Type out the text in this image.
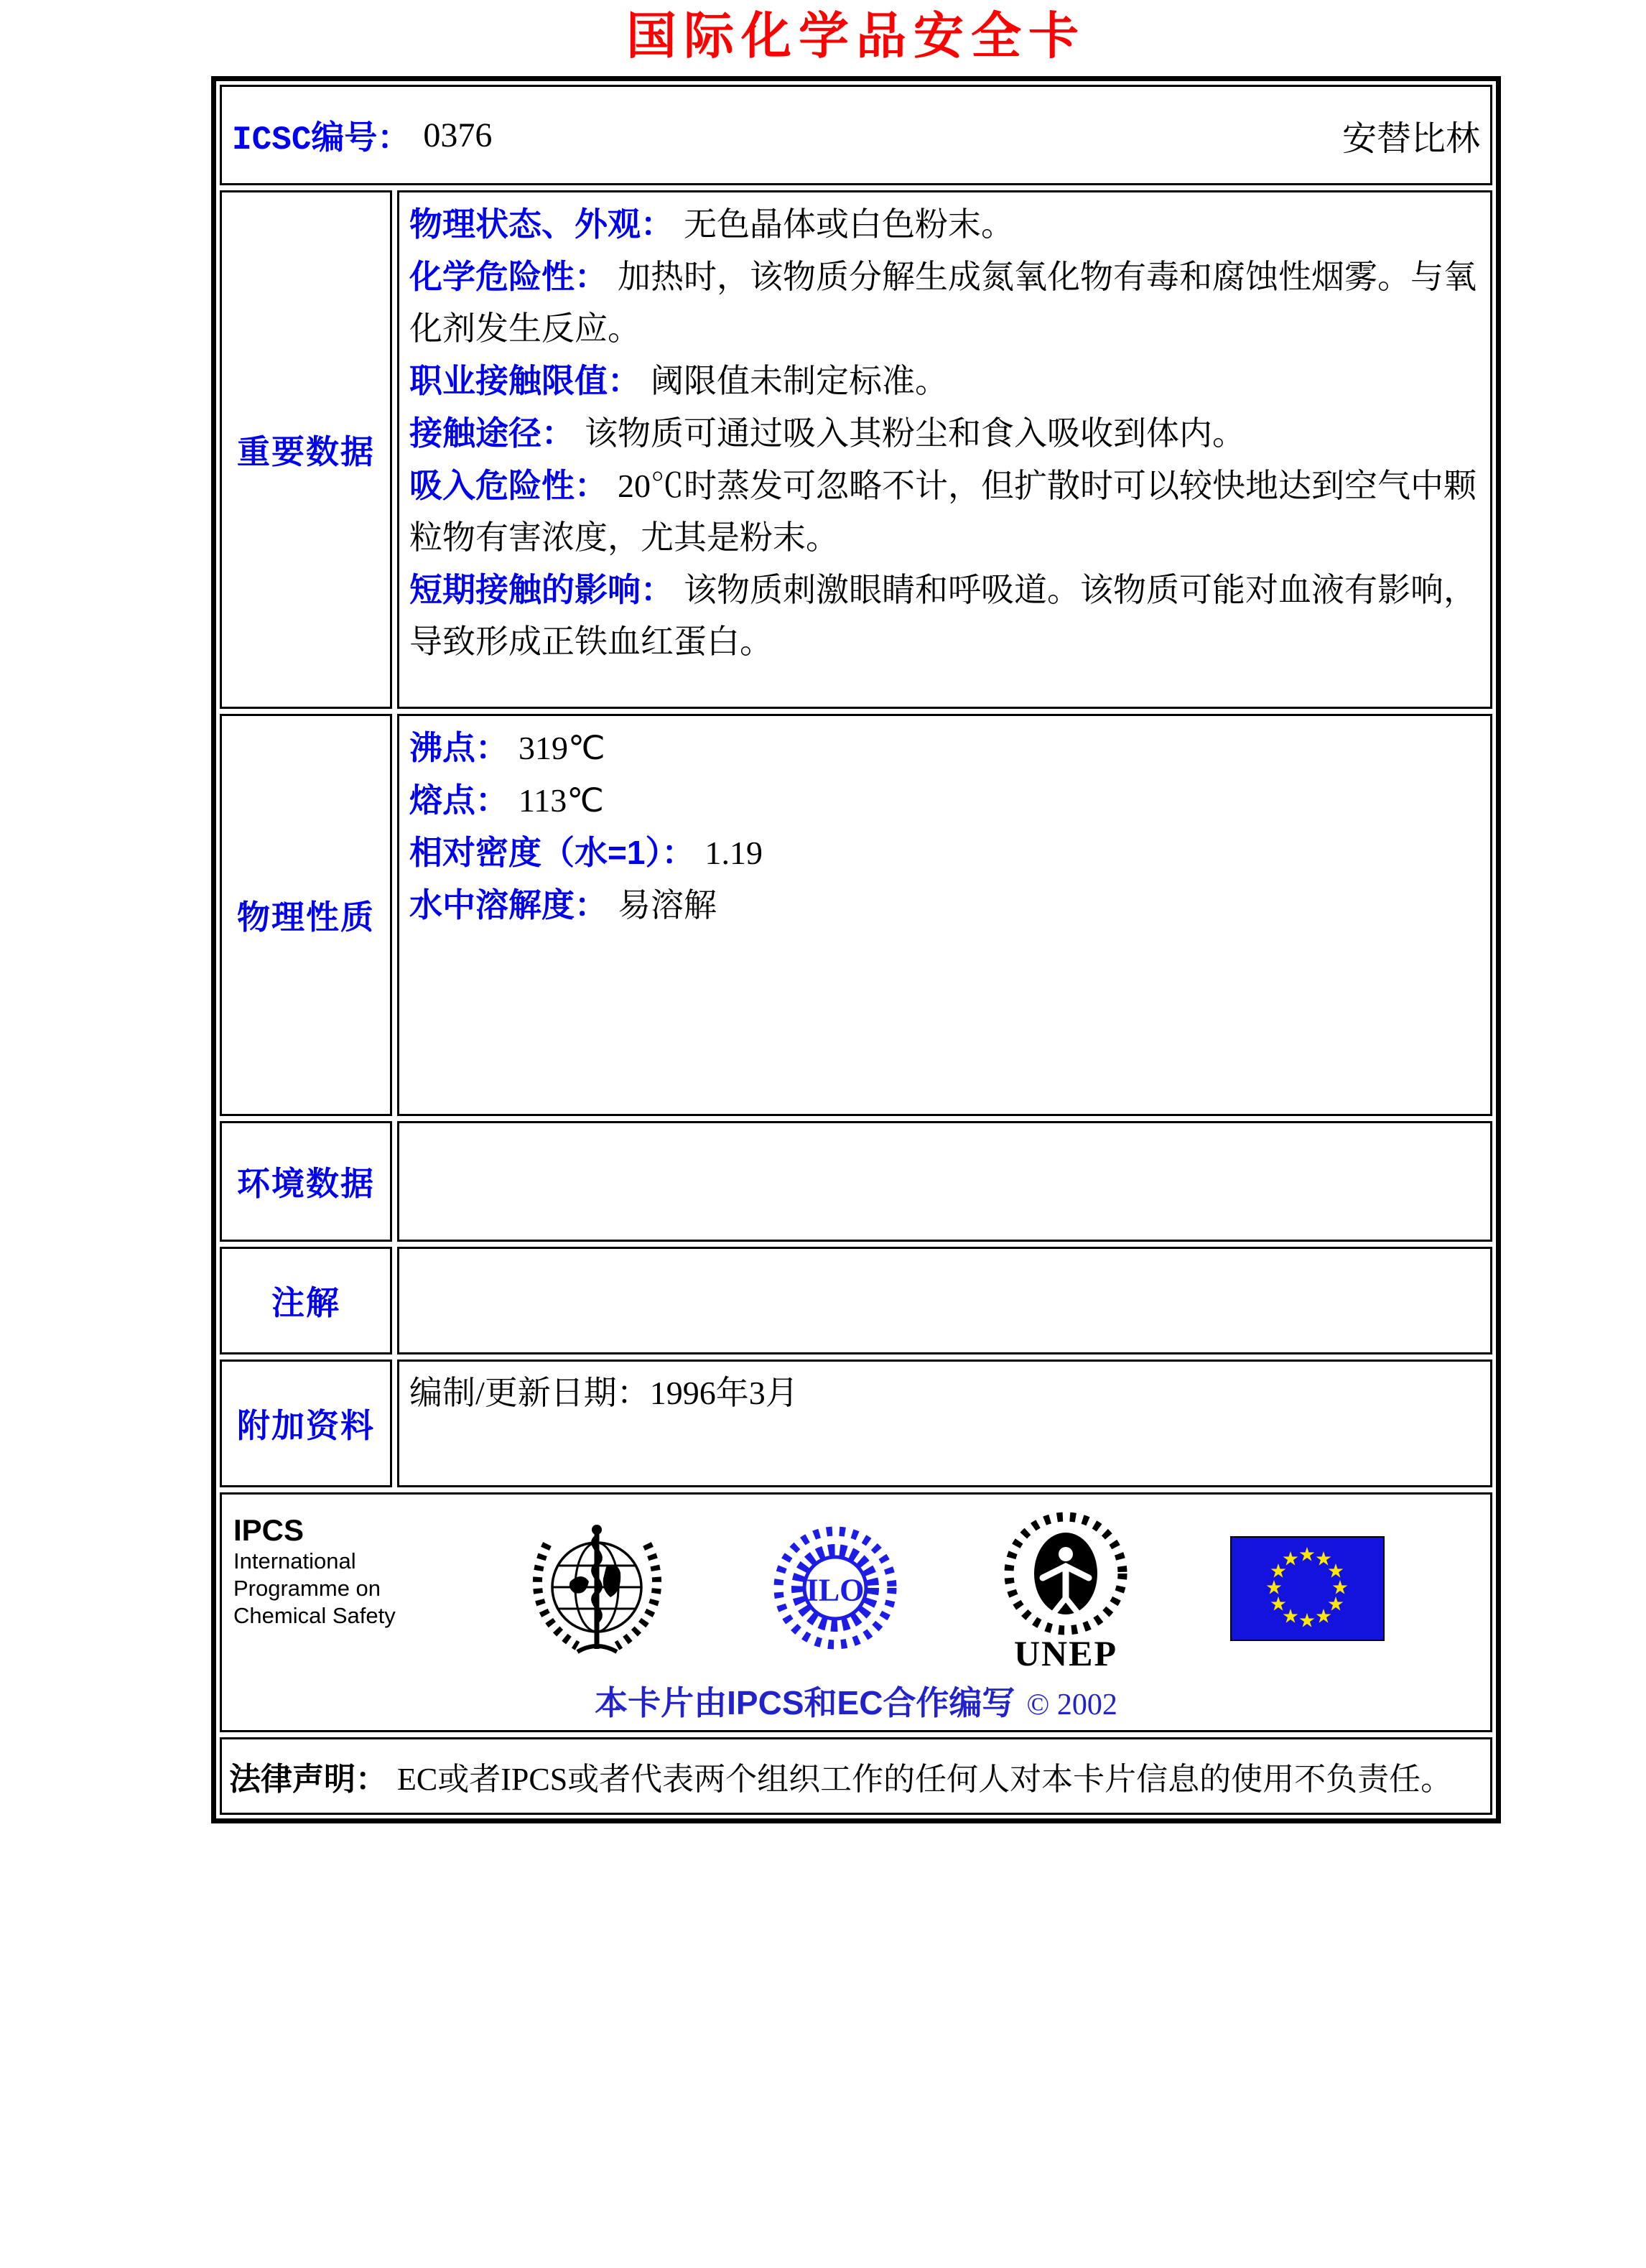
国际化学品安全卡
ICSC编号： 0376	安替比林
重要数据

物理状态、外观： 无色晶体或白色粉末。

化学危险性： 加热时，该物质分解生成氮氧化物有毒和腐蚀性烟雾。与氧化剂发生反应。

职业接触限值： 阈限值未制定标准。

接触途径： 该物质可通过吸入其粉尘和食入吸收到体内。

吸入危险性： 20℃时蒸发可忽略不计，但扩散时可以较快地达到空气中颗粒物有害浓度，尤其是粉末。

短期接触的影响： 该物质刺激眼睛和呼吸道。该物质可能对血液有影响，导致形成正铁血红蛋白。

物理性质

沸点： 319℃

熔点： 113℃

相对密度（水=1）： 1.19

水中溶解度： 易溶解

环境数据

注解

附加资料

编制/更新日期：1996年3月

IPCS

International

Programme on

Chemical Safety

ILO
UNEP
★
★
★
★
★
★
★
★
★
★
★
★
本卡片由IPCS和EC合作编写 © 2002
法律声明： EC或者IPCS或者代表两个组织工作的任何人对本卡片信息的使用不负责任。
